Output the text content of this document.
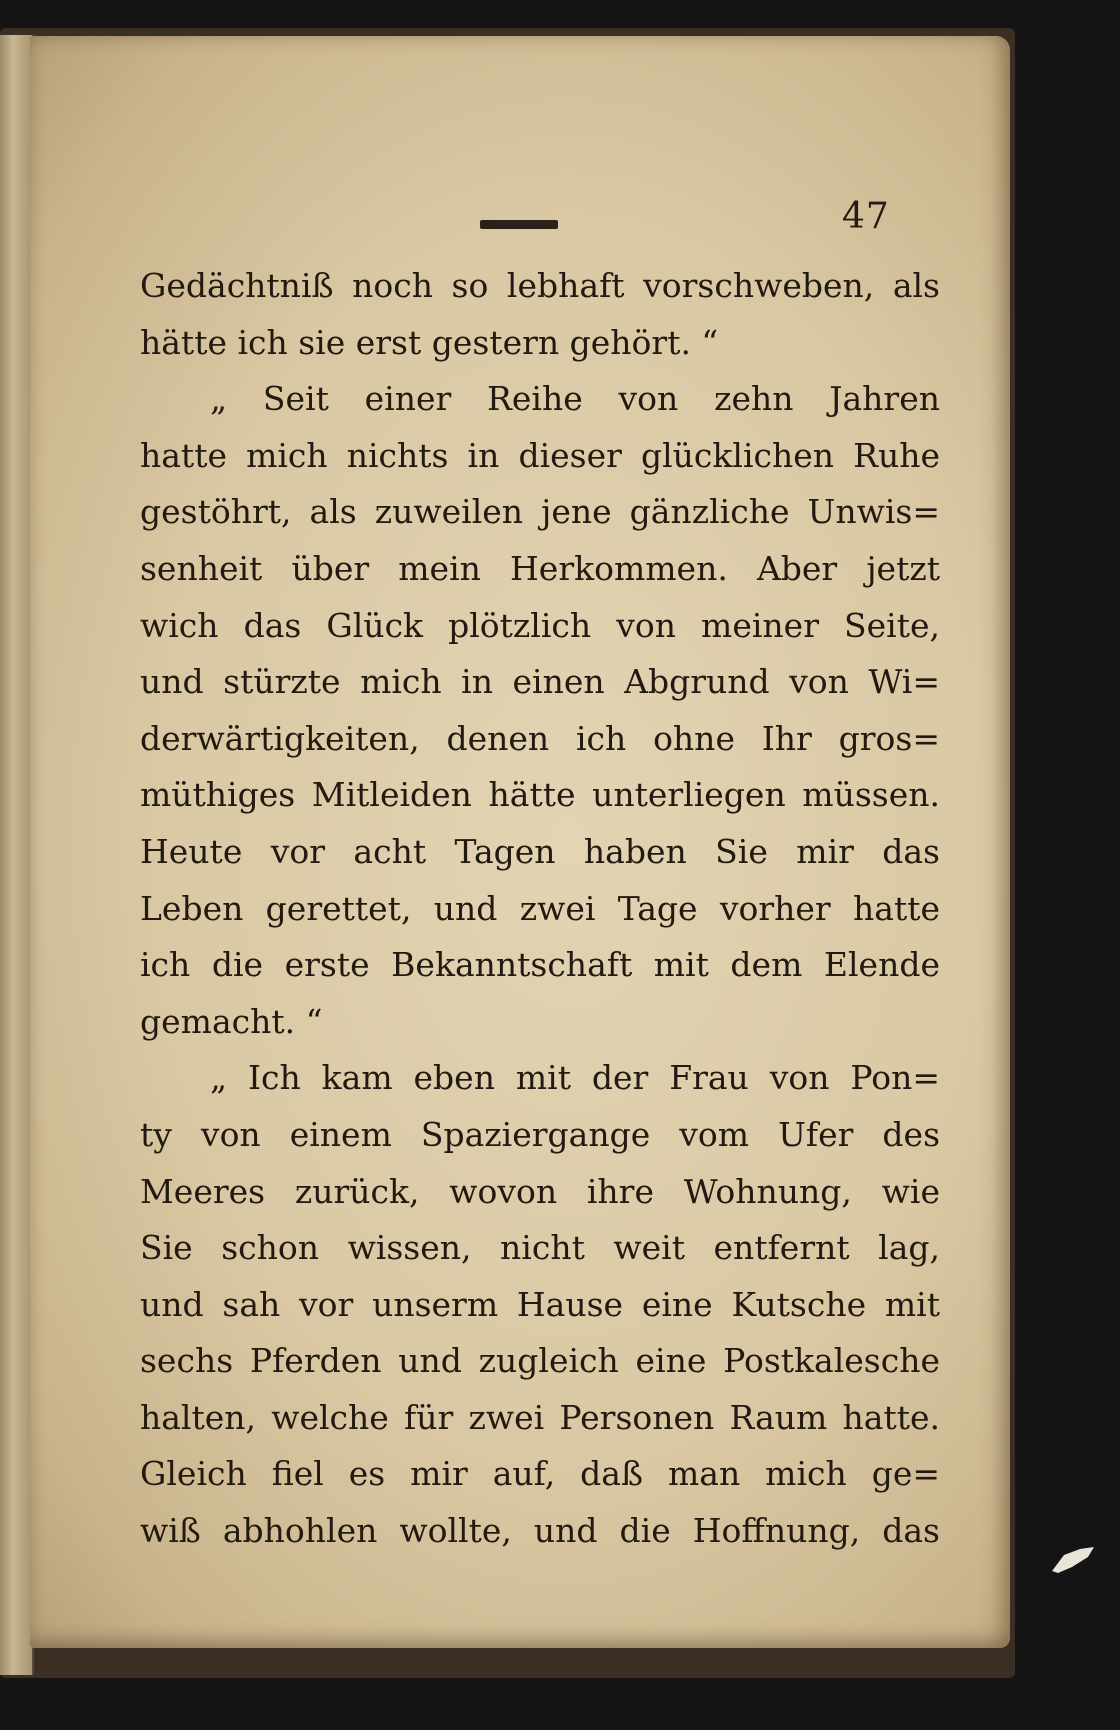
47
Gedächtniß noch so lebhaft vorschweben, als
hätte ich sie erst gestern gehört. “
„ Seit einer Reihe von zehn Jahren
hatte mich nichts in dieser glücklichen Ruhe
gestöhrt, als zuweilen jene gänzliche Unwis=
senheit über mein Herkommen. Aber jetzt
wich das Glück plötzlich von meiner Seite,
und stürzte mich in einen Abgrund von Wi=
derwärtigkeiten, denen ich ohne Ihr gros=
müthiges Mitleiden hätte unterliegen müssen.
Heute vor acht Tagen haben Sie mir das
Leben gerettet, und zwei Tage vorher hatte
ich die erste Bekanntschaft mit dem Elende
gemacht. “
„ Ich kam eben mit der Frau von Pon=
ty von einem Spaziergange vom Ufer des
Meeres zurück, wovon ihre Wohnung, wie
Sie schon wissen, nicht weit entfernt lag,
und sah vor unserm Hause eine Kutsche mit
sechs Pferden und zugleich eine Postkalesche
halten, welche für zwei Personen Raum hatte.
Gleich fiel es mir auf, daß man mich ge=
wiß abhohlen wollte, und die Hoffnung, das
